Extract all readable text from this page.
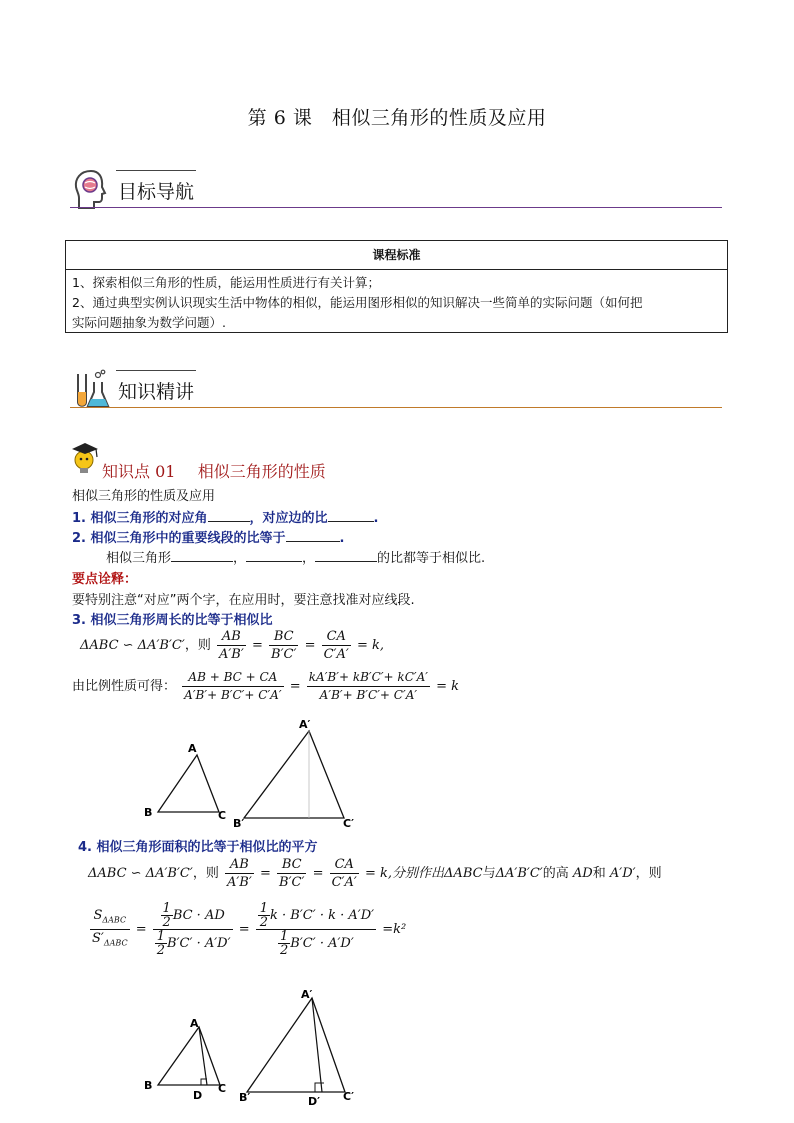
第 6 课　相似三角形的性质及应用
目标导航
课程标准
1、探索相似三角形的性质，能运用性质进行有关计算；
2、通过典型实例认识现实生活中物体的相似，能运用图形相似的知识解决一些简单的实际问题（如何把
实际问题抽象为数学问题）.
知识精讲
知识点 01 相似三角形的性质
相似三角形的性质及应用
1. 相似三角形的对应角	，对应边的比	.
2. 相似三角形中的重要线段的比等于	.
相似三角形	，	，	的比都等于相似比.
要点诠释：
要特别注意“对应”两个字，在应用时，要注意找准对应线段.
3. 相似三角形周长的比等于相似比
ΔABC ∽ ΔA′B′C′，则 $\frac{AB}{A'B'} = \frac{BC}{B'C'} = \frac{CA}{C'A'} = k$,
由比例性质可得： $\frac{AB + BC + CA}{A'B'+ B'C'+ C'A'} = \frac{kA'B'+ kB'C'+ kC'A'}{A'B'+ B'C'+ C'A'} = k$
A
B	C
A′
B′	C′
4. 相似三角形面积的比等于相似比的平方
ΔABC ∽ ΔA′B′C′，则 $\frac{AB}{A'B'} = \frac{BC}{B'C'} = \frac{CA}{C'A'} = k$,分别作出ΔABC与ΔA′B′C′的高 AD和 A′D′，则
$\frac{S_{\Delta ABC}}{S'_{\Delta ABC}} = \frac{\frac{1}{2} BC \cdot AD}{\frac{1}{2} B'C' \cdot A'D'} = \frac{\frac{1}{2} k \cdot B'C' \cdot k \cdot A'D'}{\frac{1}{2} B'C' \cdot A'D'} =k^2$
A
B	C
D
A′
B′	C′
D′
